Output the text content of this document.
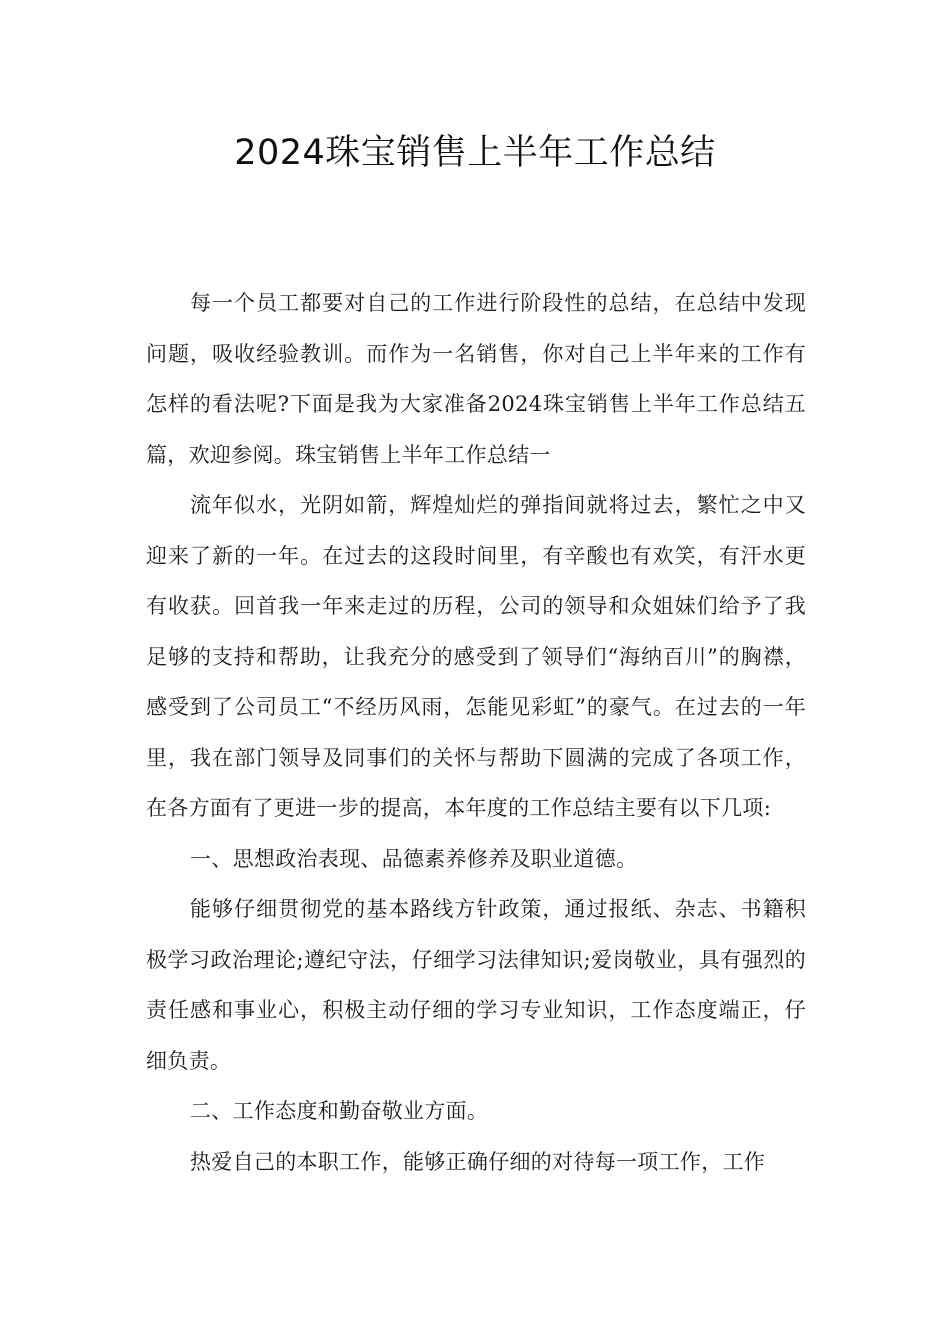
2024珠宝销售上半年工作总结

每一个员工都要对自己的工作进行阶段性的总结，在总结中发现问题，吸收经验教训。而作为一名销售，你对自己上半年来的工作有怎样的看法呢?下面是我为大家准备2024珠宝销售上半年工作总结五篇，欢迎参阅。珠宝销售上半年工作总结一

流年似水，光阴如箭，辉煌灿烂的弹指间就将过去，繁忙之中又迎来了新的一年。在过去的这段时间里，有辛酸也有欢笑，有汗水更有收获。回首我一年来走过的历程，公司的领导和众姐妹们给予了我足够的支持和帮助，让我充分的感受到了领导们“海纳百川”的胸襟，感受到了公司员工“不经历风雨，怎能见彩虹”的豪气。在过去的一年里，我在部门领导及同事们的关怀与帮助下圆满的完成了各项工作，在各方面有了更进一步的提高，本年度的工作总结主要有以下几项:

一、思想政治表现、品德素养修养及职业道德。

能够仔细贯彻党的基本路线方针政策，通过报纸、杂志、书籍积极学习政治理论;遵纪守法，仔细学习法律知识;爱岗敬业，具有强烈的责任感和事业心，积极主动仔细的学习专业知识，工作态度端正，仔细负责。

二、工作态度和勤奋敬业方面。

热爱自己的本职工作，能够正确仔细的对待每一项工作，工作
